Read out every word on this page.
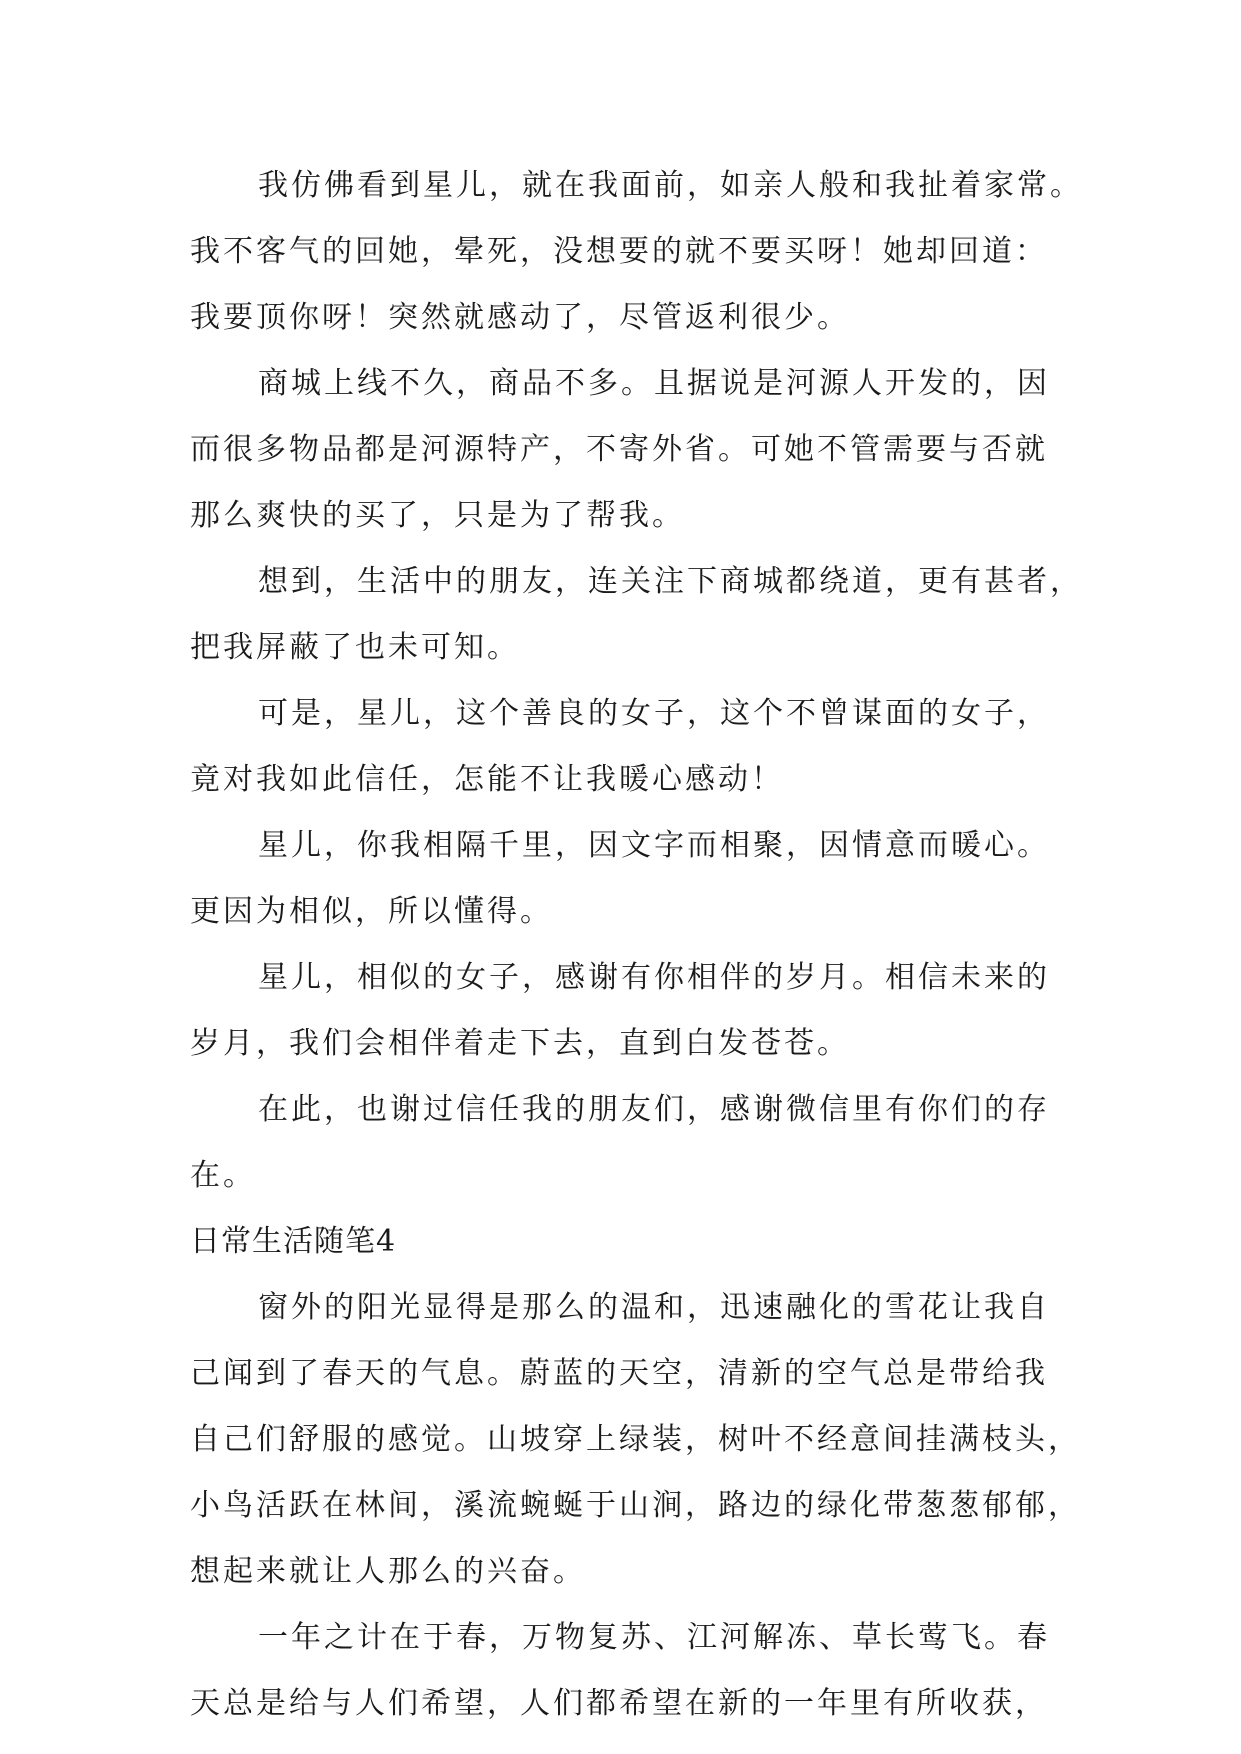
我仿佛看到星儿，就在我面前，如亲人般和我扯着家常。
我不客气的回她，晕死，没想要的就不要买呀！她却回道：
我要顶你呀！突然就感动了，尽管返利很少。
商城上线不久，商品不多。且据说是河源人开发的，因
而很多物品都是河源特产，不寄外省。可她不管需要与否就
那么爽快的买了，只是为了帮我。
想到，生活中的朋友，连关注下商城都绕道，更有甚者，
把我屏蔽了也未可知。
可是，星儿，这个善良的女子，这个不曾谋面的女子，
竟对我如此信任，怎能不让我暖心感动！
星儿，你我相隔千里，因文字而相聚，因情意而暖心。
更因为相似，所以懂得。
星儿，相似的女子，感谢有你相伴的岁月。相信未来的
岁月，我们会相伴着走下去，直到白发苍苍。
在此，也谢过信任我的朋友们，感谢微信里有你们的存
在。
日常生活随笔4
窗外的阳光显得是那么的温和，迅速融化的雪花让我自
己闻到了春天的气息。蔚蓝的天空，清新的空气总是带给我
自己们舒服的感觉。山坡穿上绿装，树叶不经意间挂满枝头，
小鸟活跃在林间，溪流蜿蜒于山涧，路边的绿化带葱葱郁郁，
想起来就让人那么的兴奋。
一年之计在于春，万物复苏、江河解冻、草长莺飞。春
天总是给与人们希望，人们都希望在新的一年里有所收获，
